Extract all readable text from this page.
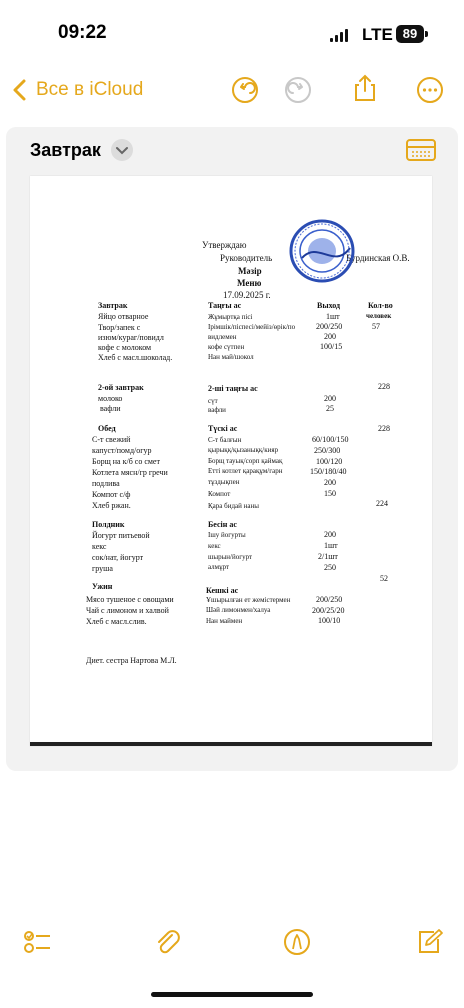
09:22	LTE 89
Все в iCloud
Завтрак
Утверждаю
Руководитель	Бурдинская О.В.
Мәзір
Меню
17.09.2025 г.
Завтрак	Таңғы ас	Выход	Кол-во
человек
Яйцо отварное	Жұмыртқа пісі	1шт
Твор/запек с	Ірімшік/піспесі/мейіз/өрік/по	200/250	57
изюм/кураг/повидл	видлемен	200
кофе с молоком	кофе сүтпен	100/15
Хлеб с масл.шоколад.	Нан май/шокол
2-ой завтрак	2-ші таңғы ас	228
молоко	сүт	200
вафли	вафли	25
Обед	Түскі ас	228
С-т свежий	С-т балғын	60/100/150
капуст/помд/огур	қырыққ/қызаныққ/кияр	250/300
Борщ на к/б со смет	Борщ тауық/сорп қаймақ	100/120
Котлета мясн/гр гречи	Етті котлет қарақұм/гарн	150/180/40
подлива	тұздықпен	200
Компот с/ф	Компот	150
Хлеб ржан.	Қара бидай наны	224
Полдник	Бесін ас
Йогурт питьевой	Ішу йогурты	200
кекс	кекс	1шт
сок/нат, йогурт	шырын/йогурт	2/1шт
груша	алмұрт	250
52
Ужин	Кешкі ас
Мясо тушеное с овощами	Ұшырылған ет жемістермен	200/250
Чай с лимоном и халвой	Шәй лимонмен/халуа	200/25/20
Хлеб с масл.слив.	Нан маймен	100/10
Диет. сестра Нартова М.Л.
